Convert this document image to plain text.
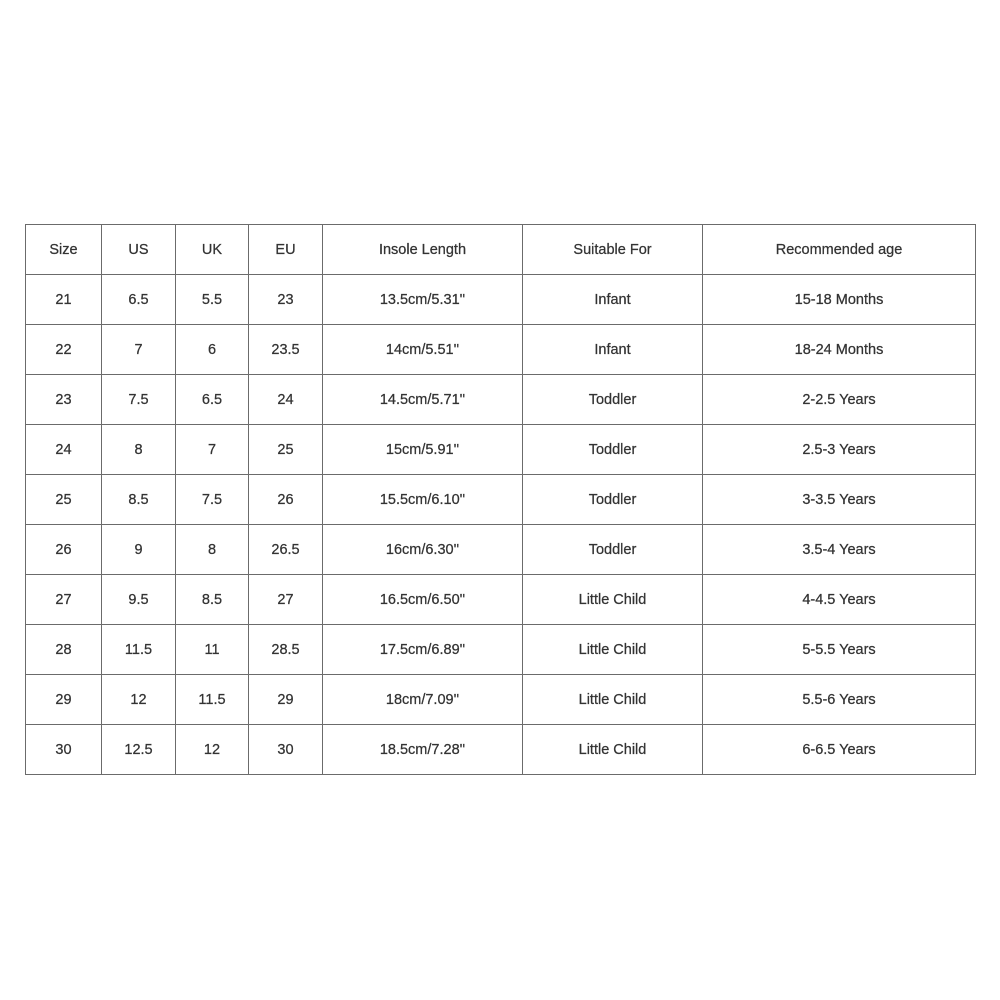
Size	US	UK	EU	Insole Length	Suitable For	Recommended age
21	6.5	5.5	23	13.5cm/5.31''	Infant	15-18 Months
22	7	6	23.5	14cm/5.51''	Infant	18-24 Months
23	7.5	6.5	24	14.5cm/5.71''	Toddler	2-2.5 Years
24	8	7	25	15cm/5.91''	Toddler	2.5-3 Years
25	8.5	7.5	26	15.5cm/6.10''	Toddler	3-3.5 Years
26	9	8	26.5	16cm/6.30''	Toddler	3.5-4 Years
27	9.5	8.5	27	16.5cm/6.50''	Little Child	4-4.5 Years
28	11.5	11	28.5	17.5cm/6.89''	Little Child	5-5.5 Years
29	12	11.5	29	18cm/7.09''	Little Child	5.5-6 Years
30	12.5	12	30	18.5cm/7.28''	Little Child	6-6.5 Years
